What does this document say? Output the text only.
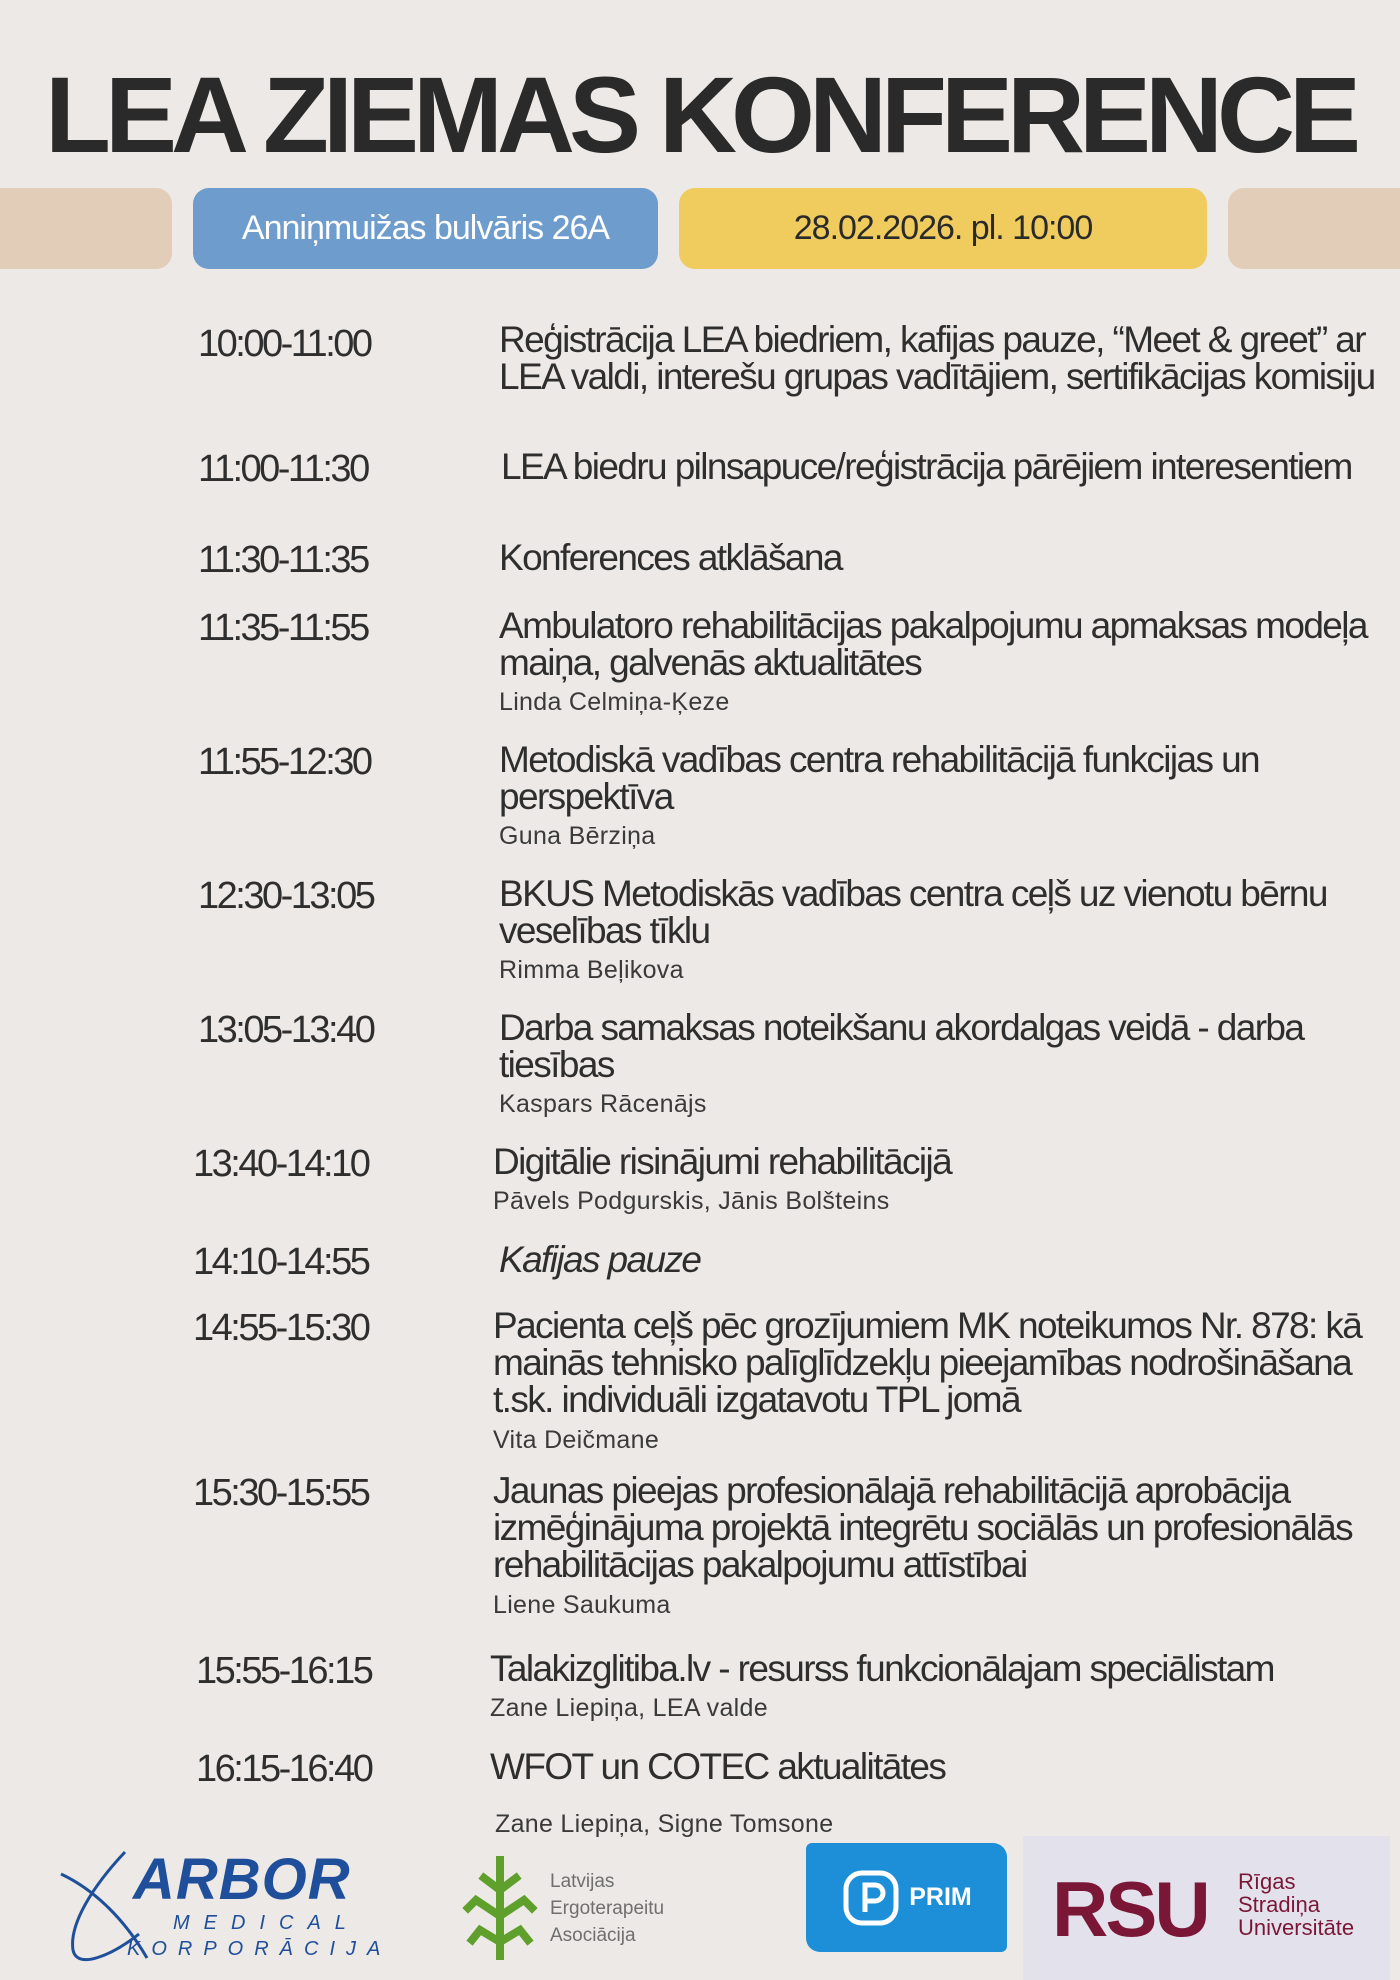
LEA ZIEMAS KONFERENCE
Anniņmuižas bulvāris 26A	28.02.2026. pl. 10:00
10:00-11:00	Reģistrācija LEA biedriem, kafijas pauze, “Meet & greet” ar LEA valdi, interešu grupas vadītājiem, sertifikācijas komisiju
11:00-11:30	LEA biedru pilnsapuce/reģistrācija pārējiem interesentiem
11:30-11:35	Konferences atklāšana
11:35-11:55	Ambulatoro rehabilitācijas pakalpojumu apmaksas modeļa maiņa, galvenās aktualitātes
Linda Celmiņa-Ķeze
11:55-12:30	Metodiskā vadības centra rehabilitācijā funkcijas un perspektīva
Guna Bērziņa
12:30-13:05	BKUS Metodiskās vadības centra ceļš uz vienotu bērnu veselības tīklu
Rimma Beļikova
13:05-13:40	Darba samaksas noteikšanu akordalgas veidā - darba tiesības
Kaspars Rācenājs
13:40-14:10	Digitālie risinājumi rehabilitācijā
Pāvels Podgurskis, Jānis Bolšteins
14:10-14:55	Kafijas pauze
14:55-15:30	Pacienta ceļš pēc grozījumiem MK noteikumos Nr. 878: kā mainās tehnisko palīglīdzekļu pieejamības nodrošināšana t.sk. individuāli izgatavotu TPL jomā
Vita Deičmane
15:30-15:55	Jaunas pieejas profesionālajā rehabilitācijā aprobācija izmēģinājuma projektā integrētu sociālās un profesionālās rehabilitācijas pakalpojumu attīstībai
Liene Saukuma
15:55-16:15	Talakizglitiba.lv - resurss funkcionālajam speciālistam
Zane Liepiņa, LEA valde
16:15-16:40	WFOT un COTEC aktualitātes
Zane Liepiņa, Signe Tomsone
ARBOR
MEDICAL
KORPORĀCIJA
Latvijas
Ergoterapeitu
Asociācija
PRIM RSU Rīgas
Stradiņa
Universitāte
